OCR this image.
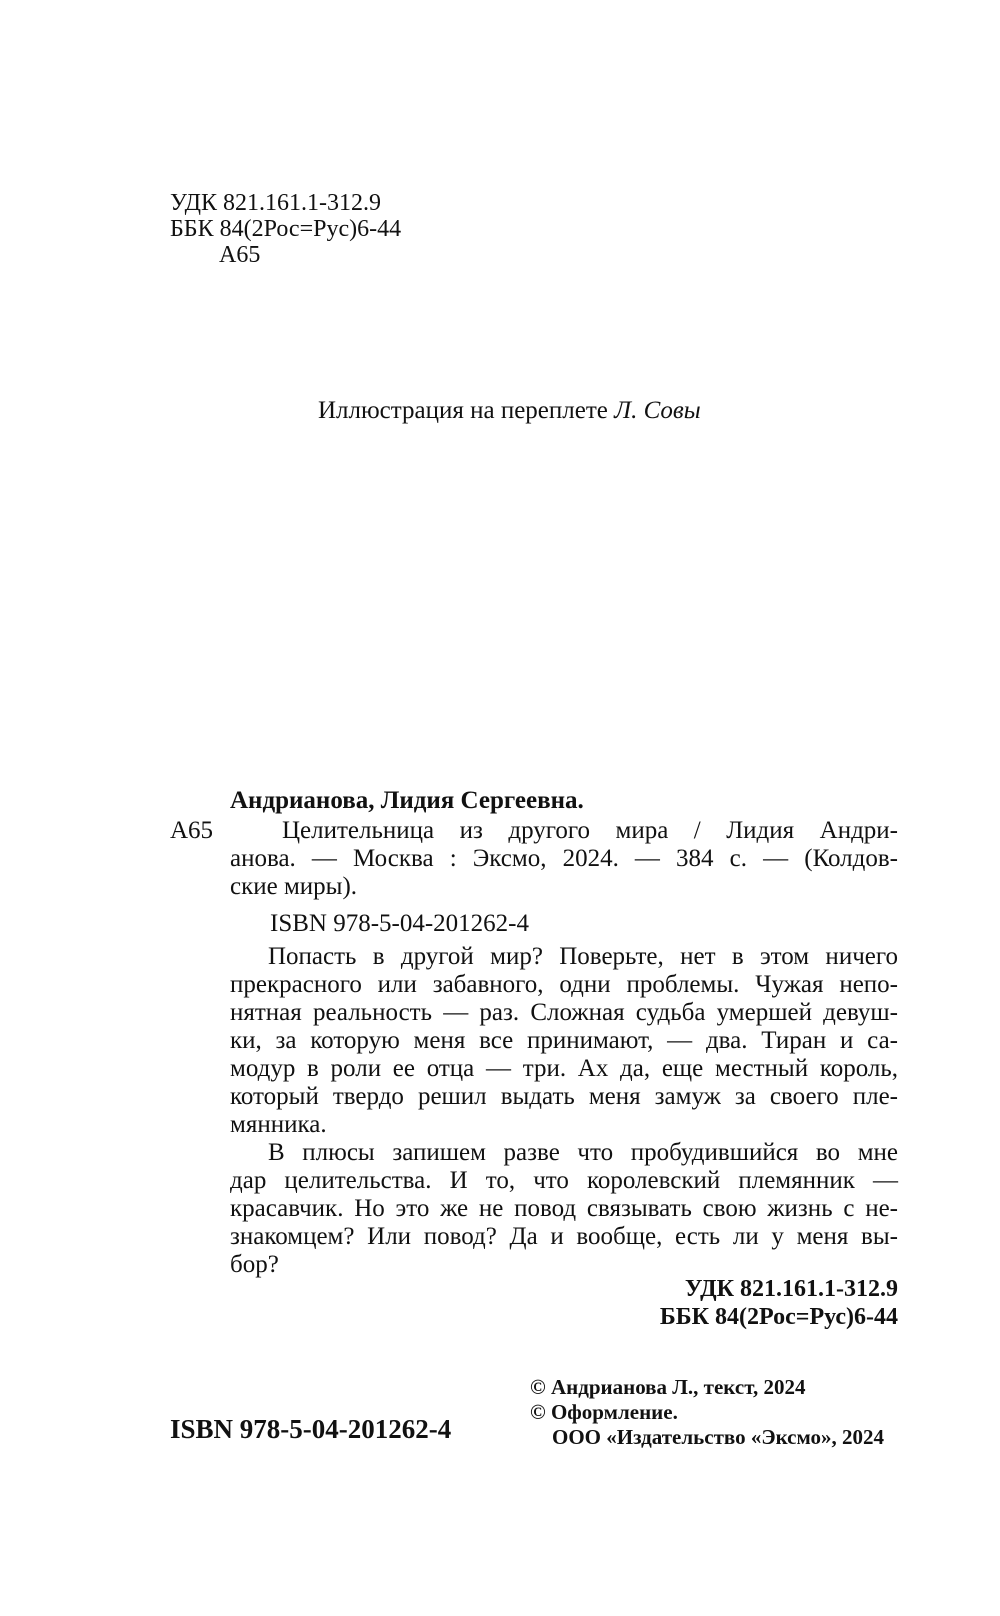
УДК 821.161.1-312.9
ББК 84(2Рос=Рус)6-44
А65
Иллюстрация на переплете Л. Совы
Андрианова, Лидия Сергеевна.
А65	Целительница из другого мира / Лидия Андри-
анова. — Москва : Эксмо, 2024. — 384 с. — (Колдов-
ские миры).
ISBN 978-5-04-201262-4
Попасть в другой мир? Поверьте, нет в этом ничего
прекрасного или забавного, одни проблемы. Чужая непо-
нятная реальность — раз. Сложная судьба умершей девуш-
ки, за которую меня все принимают, — два. Тиран и са-
модур в роли ее отца — три. Ах да, еще местный король,
который твердо решил выдать меня замуж за своего пле-
мянника.
В плюсы запишем разве что пробудившийся во мне
дар целительства. И то, что королевский племянник —
красавчик. Но это же не повод связывать свою жизнь с не-
знакомцем? Или повод? Да и вообще, есть ли у меня вы-
бор?
УДК 821.161.1-312.9
ББК 84(2Рос=Рус)6-44
ISBN 978-5-04-201262-4
© Андрианова Л., текст, 2024
© Оформление.
ООО «Издательство «Эксмо», 2024
